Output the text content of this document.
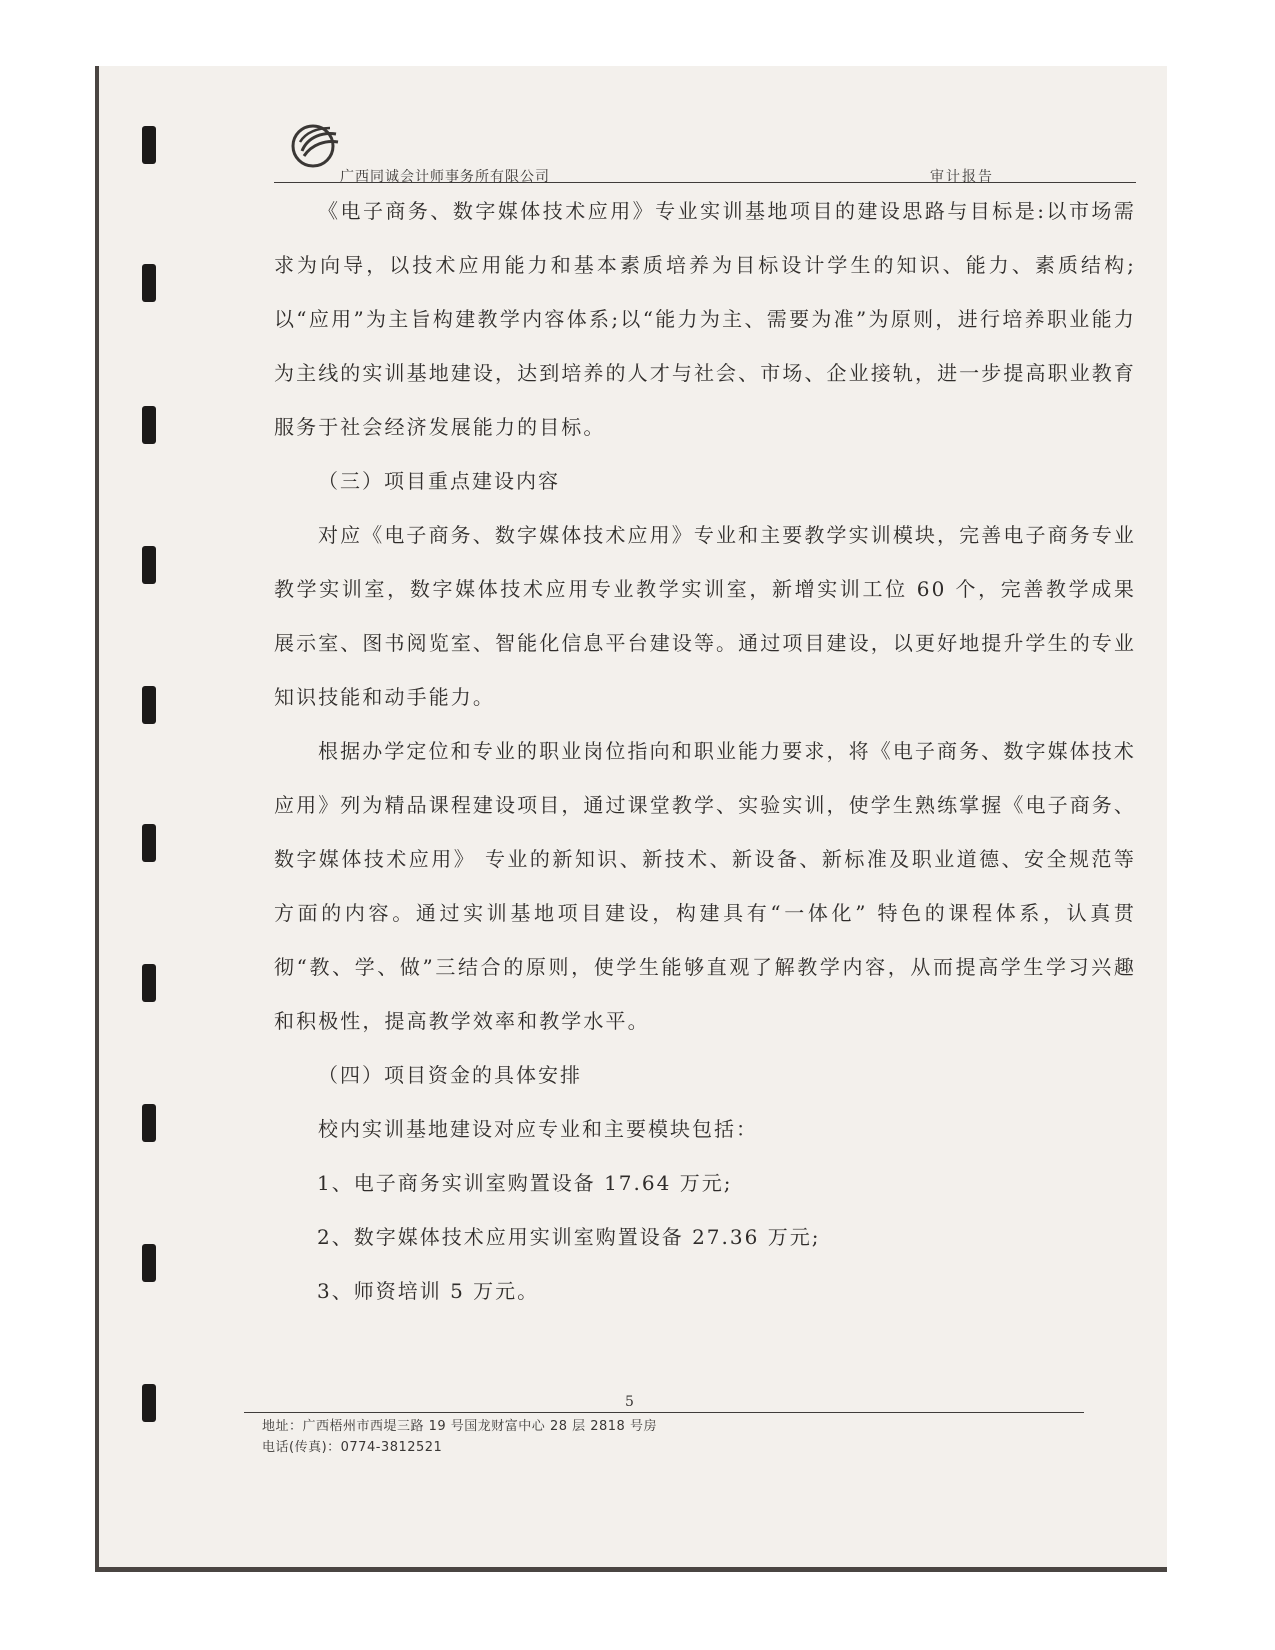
广西同诚会计师事务所有限公司	审计报告

《电子商务、数字媒体技术应用》专业实训基地项目的建设思路与目标是:以市场需求为向导，以技术应用能力和基本素质培养为目标设计学生的知识、能力、素质结构;以“应用”为主旨构建教学内容体系;以“能力为主、需要为准”为原则，进行培养职业能力为主线的实训基地建设，达到培养的人才与社会、市场、企业接轨，进一步提高职业教育服务于社会经济发展能力的目标。

（三）项目重点建设内容

对应《电子商务、数字媒体技术应用》专业和主要教学实训模块，完善电子商务专业教学实训室，数字媒体技术应用专业教学实训室，新增实训工位 60 个，完善教学成果展示室、图书阅览室、智能化信息平台建设等。通过项目建设，以更好地提升学生的专业知识技能和动手能力。

根据办学定位和专业的职业岗位指向和职业能力要求，将《电子商务、数字媒体技术应用》列为精品课程建设项目，通过课堂教学、实验实训，使学生熟练掌握《电子商务、数字媒体技术应用》 专业的新知识、新技术、新设备、新标准及职业道德、安全规范等方面的内容。通过实训基地项目建设，构建具有“一体化” 特色的课程体系，认真贯彻“教、学、做”三结合的原则，使学生能够直观了解教学内容，从而提高学生学习兴趣和积极性，提高教学效率和教学水平。

（四）项目资金的具体安排

校内实训基地建设对应专业和主要模块包括：

1、电子商务实训室购置设备 17.64 万元;

2、数字媒体技术应用实训室购置设备 27.36 万元;

3、师资培训 5 万元。

5
地址：广西梧州市西堤三路 19 号国龙财富中心 28 层 2818 号房
电话(传真)：0774-3812521
